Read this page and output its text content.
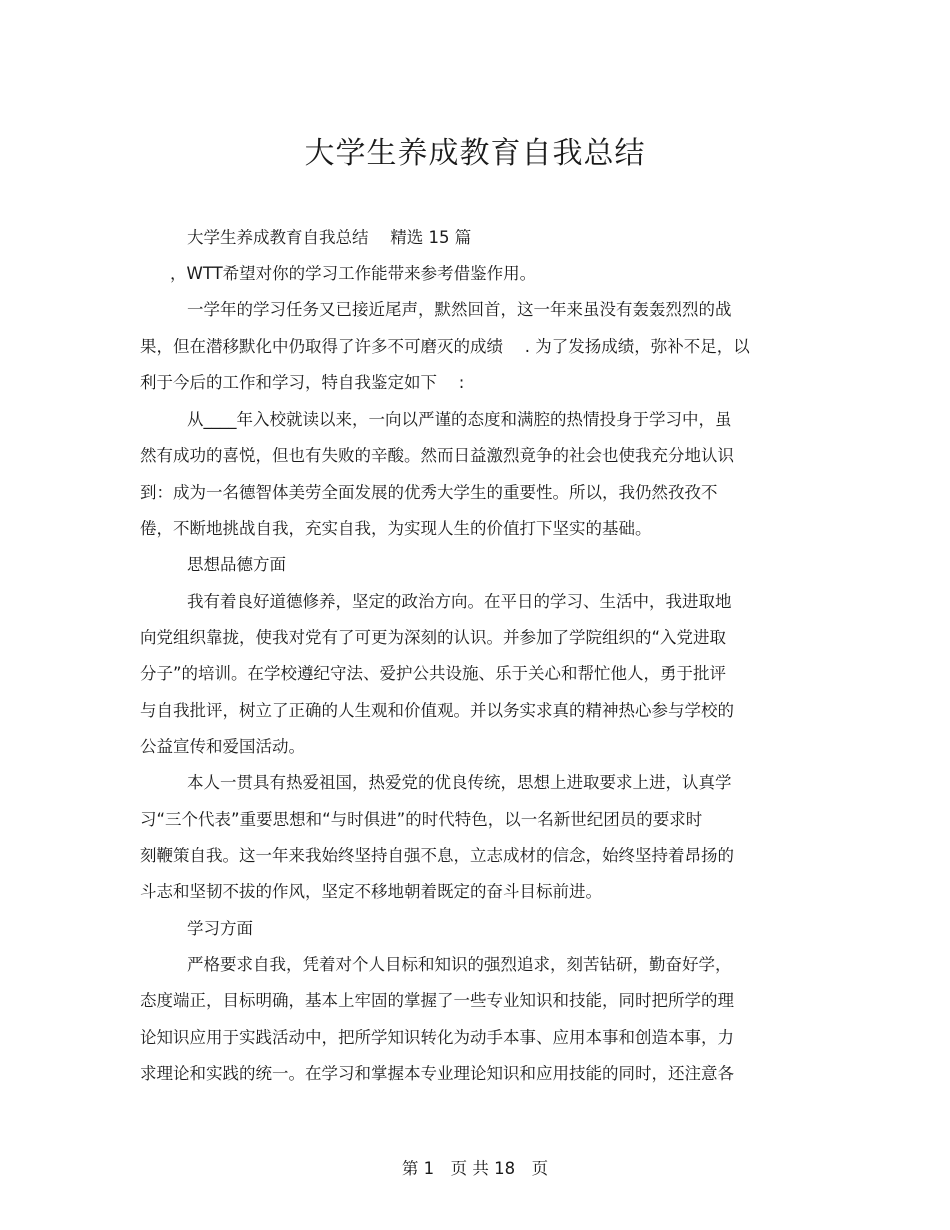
大学生养成教育自我总结
大学生养成教育自我总结　 精选 15 篇
，WTT希望对你的学习工作能带来参考借鉴作用。
一学年的学习任务又已接近尾声，默然回首，这一年来虽没有轰轰烈烈的战
果，但在潜移默化中仍取得了许多不可磨灭的成绩　 . 为了发扬成绩，弥补不足，以
利于今后的工作和学习，特自我鉴定如下　 :
从____年入校就读以来，一向以严谨的态度和满腔的热情投身于学习中，虽
然有成功的喜悦，但也有失败的辛酸。然而日益激烈竟争的社会也使我充分地认识
到：成为一名德智体美劳全面发展的优秀大学生的重要性。所以，我仍然孜孜不
倦，不断地挑战自我，充实自我，为实现人生的价值打下坚实的基础。
思想品德方面
我有着良好道德修养，坚定的政治方向。在平日的学习、生活中，我进取地
向党组织靠拢，使我对党有了可更为深刻的认识。并参加了学院组织的“入党进取
分子”的培训。在学校遵纪守法、爱护公共设施、乐于关心和帮忙他人，勇于批评
与自我批评，树立了正确的人生观和价值观。并以务实求真的精神热心参与学校的
公益宣传和爱国活动。
本人一贯具有热爱祖国，热爱党的优良传统，思想上进取要求上进，认真学
习“三个代表”重要思想和“与时俱进”的时代特色，以一名新世纪团员的要求时
刻鞭策自我。这一年来我始终坚持自强不息，立志成材的信念，始终坚持着昂扬的
斗志和坚韧不拔的作风，坚定不移地朝着既定的奋斗目标前进。
学习方面
严格要求自我，凭着对个人目标和知识的强烈追求，刻苦钻研，勤奋好学，
态度端正，目标明确，基本上牢固的掌握了一些专业知识和技能，同时把所学的理
论知识应用于实践活动中，把所学知识转化为动手本事、应用本事和创造本事，力
求理论和实践的统一。在学习和掌握本专业理论知识和应用技能的同时，还注意各
第 1　页 共 18　页
